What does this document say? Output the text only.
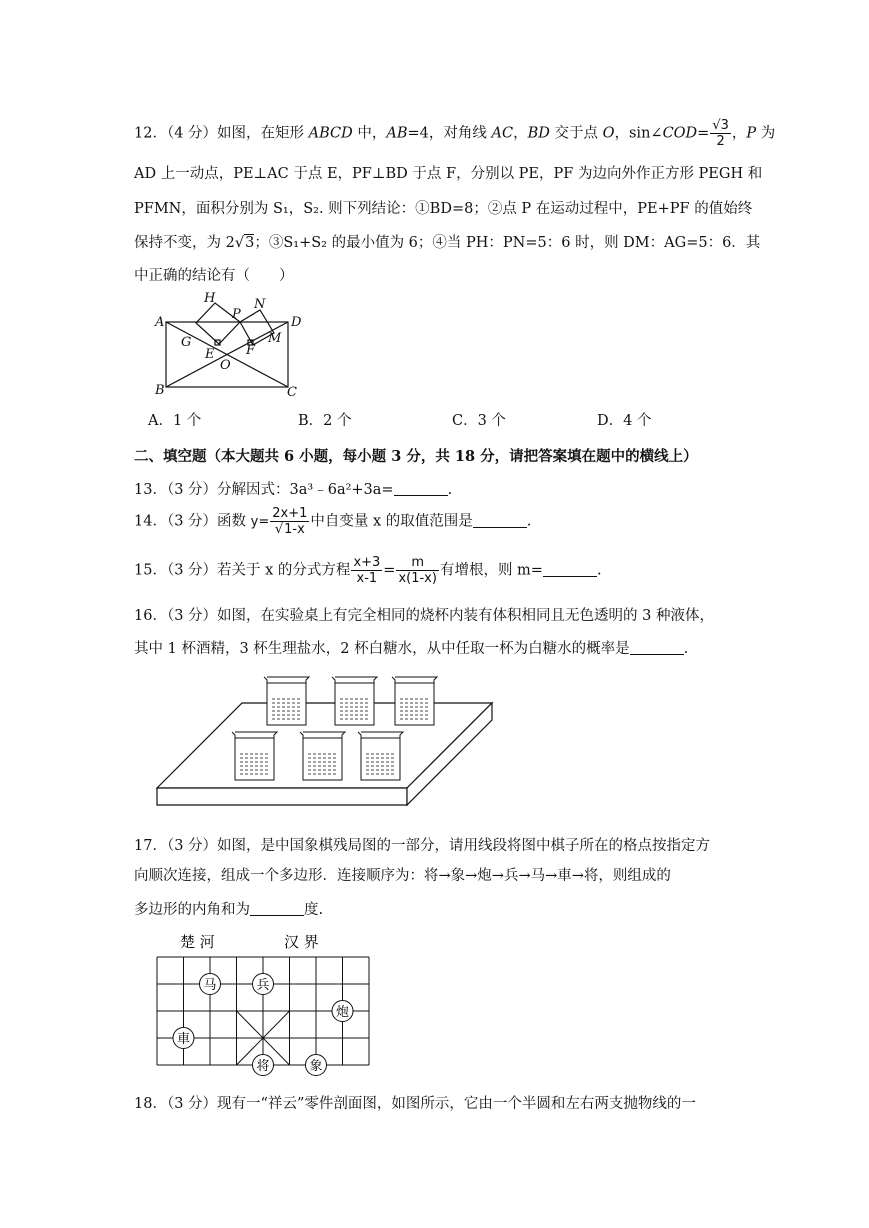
12．（4 分）如图，在矩形 ABCD 中，AB=4，对角线 AC，BD 交于点 O，sin∠COD= $\frac{√3}{2}$ ，P 为
AD 上一动点，PE⊥AC 于点 E，PF⊥BD 于点 F，分别以 PE，PF 为边向外作正方形 PEGH 和
PFMN，面积分别为 S₁，S₂. 则下列结论：①BD=8；②点 P 在运动过程中，PE+PF 的值始终
保持不变，为 2√3；③S₁+S₂ 的最小值为 6；④当 PH：PN=5：6 时，则 DM：AG=5：6．其
中正确的结论有（　　）
H	N
A
P
D
G	M
E F
O
B	C
A．1 个	B．2 个	C．3 个	D．4 个
二、填空题（本大题共 6 小题，每小题 3 分，共 18 分，请把答案填在题中的横线上）
13．（3 分）分解因式：3a³﹣6a²+3a=	.
14．（3 分）函数 $y= \frac{2x+1}{√1-x}$ 中自变量 x 的取值范围是	.
15．（3 分）若关于 x 的分式方程 $\frac{x+3}{x-1} = \frac{m}{x(1-x)}$ 有增根，则 m=	.
16．（3 分）如图，在实验桌上有完全相同的烧杯内装有体积相同且无色透明的 3 种液体，
其中 1 杯酒精，3 杯生理盐水，2 杯白糖水，从中任取一杯为白糖水的概率是	.
17．（3 分）如图，是中国象棋残局图的一部分，请用线段将图中棋子所在的格点按指定方
向顺次连接，组成一个多边形．连接顺序为：将→象→炮→兵→马→車→将，则组成的
多边形的内角和为	度.
楚 河	汉 界
马	兵
炮
車
将	象
18．（3 分）现有一“祥云”零件剖面图，如图所示，它由一个半圆和左右两支抛物线的一
